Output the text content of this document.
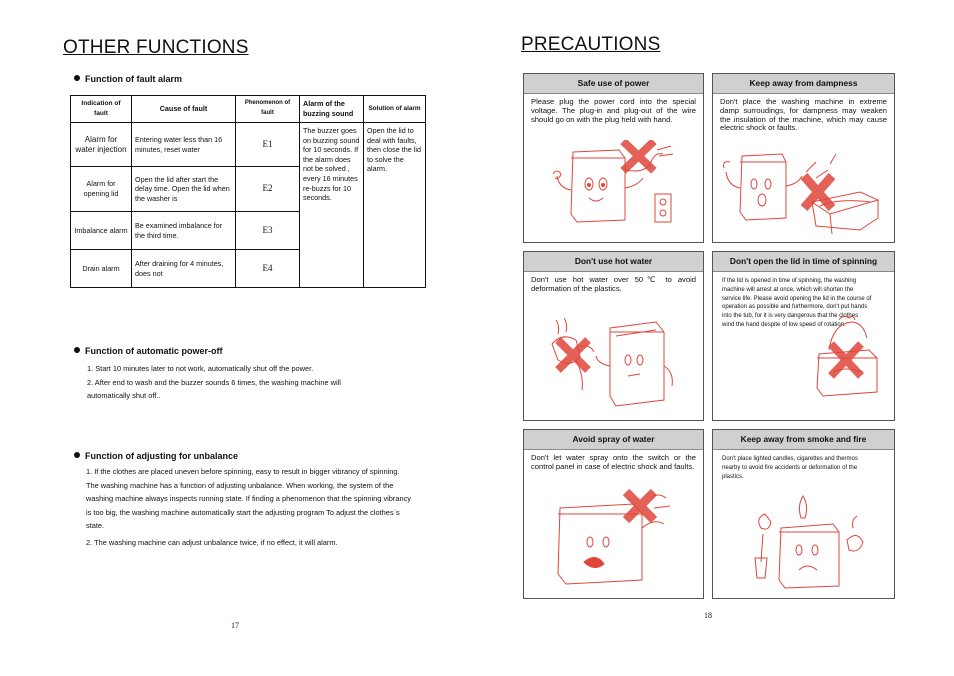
OTHER FUNCTIONS
Function of fault alarm
Indication of fault	Cause of fault	Phenomenon of fault	Alarm of the buzzing sound	Solution of alarm
Alarm for water injection	Entering water less than 16 minutes, reset water	E1	The buzzer goes on buzzing sound for 10 seconds. If the alarm does not be solved , every 16 minutes re-buzzs for 10 seconds.	Open the lid to deal with faults, then close the lid to solve the alarm.
Alarm for opening lid	Open the lid after start the delay time. Open the lid when the washer is	E2		
Imbalance alarm	Be examined imbalance for the third time.	E3		
Drain alarm	After draining for 4 minutes, does not	E4		
Function of automatic power-off

1. Start 10 minutes later to not work, automatically shut off the power.

2. After end to wash and the buzzer sounds 6 times, the washing machine will

automatically shut off..

Function of adjusting for unbalance

1. If the clothes are placed uneven before spinning, easy to result in bigger vibrancy of spinning.

The washing machine has a function of adjusting unbalance. When working, the system of the

washing machine always inspects running state. If finding a phenomenon that the spinning vibrancy

is too big, the washing machine automatically start the adjusting program To adjust the clothes`s

state.

2. The washing machine can adjust unbalance twice, if no effect, it will alarm.

17
PRECAUTIONS
Safe use of power
Please plug the power cord into the special voltage. The plug-in and plug-out of the wire should go on with the plug held with hand.
Keep away from dampness
Don't place the washing machine in extreme damp surroudings, for dampness may weaken the insulation of the machine, which may cause electric shock or faults.
Don't use hot water
Don't use hot water over 50℃ to avoid deformation of the plastics.
Don't open the lid in time of spinning
If the lid is opened in time of spinning, the washing machine will arrest at once, which will shorten the service life. Please avoid opening the lid in the course of operation as possible and furthermore, don't put hands into the tub, for it is very dangerous that the clothes wind the hand despite of low speed of rotation.
Avoid spray of water
Don't let water spray onto the switch or the control panel in case of electric shock and faults.
Keep away from smoke and fire
Don't place lighted candles, cigarettes and thermos nearby to avoid fire accidents or deformation of the plastics.
18
